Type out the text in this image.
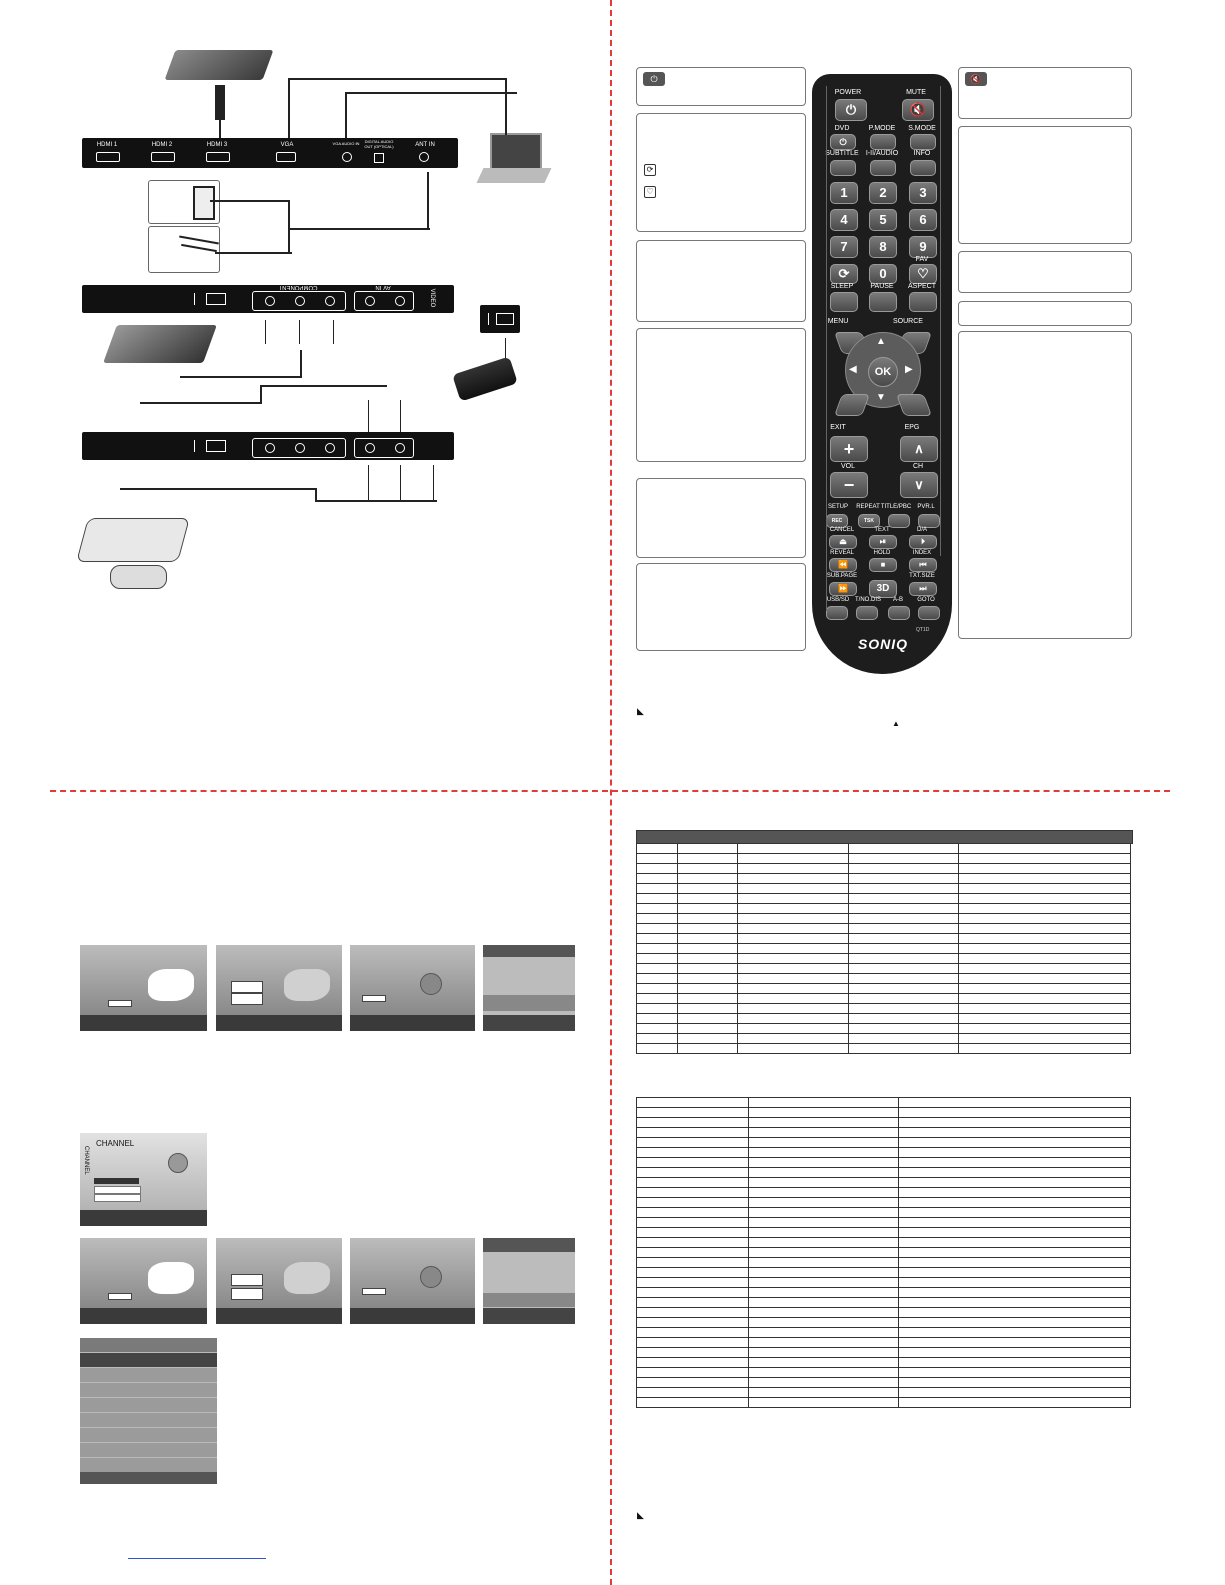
HDMI 1	HDMI 2	HDMI 3	VGA	VGA AUDIO IN	DIGITAL AUDIO OUT (OPTICAL)	ANT IN
COMPONENT	AV IN
VIDEO
⏻
⟳
♡
🔇
POWER	MUTE
⏻	🔇
DVD	P.MODE	S.MODE
⏻
SUBTITLE	I-II/AUDIO	INFO
1	2	3
4	5	6
7	8	9
FAV
⟳	0	♡
SLEEP	PAUSE	ASPECT
MENU	SOURCE
▲
▼
◀	▶
OK
EXIT	EPG
+	∧
VOL	CH
−	∨
SETUP	REPEAT TITLE/PBC	PVR.L
REC	TSK
CANCEL	TEXT	D/A
⏏	⏯	⏵
REVEAL	HOLD	INDEX
⏪	⏹	⏮
SUB.PAGE	TXT.SIZE
⏩	3D	⏭
USB/SD T/NO.DIS	A-B	GOTO
SONIQ
QT1D
◣
▲
CHANNEL
CHANNEL

◣
